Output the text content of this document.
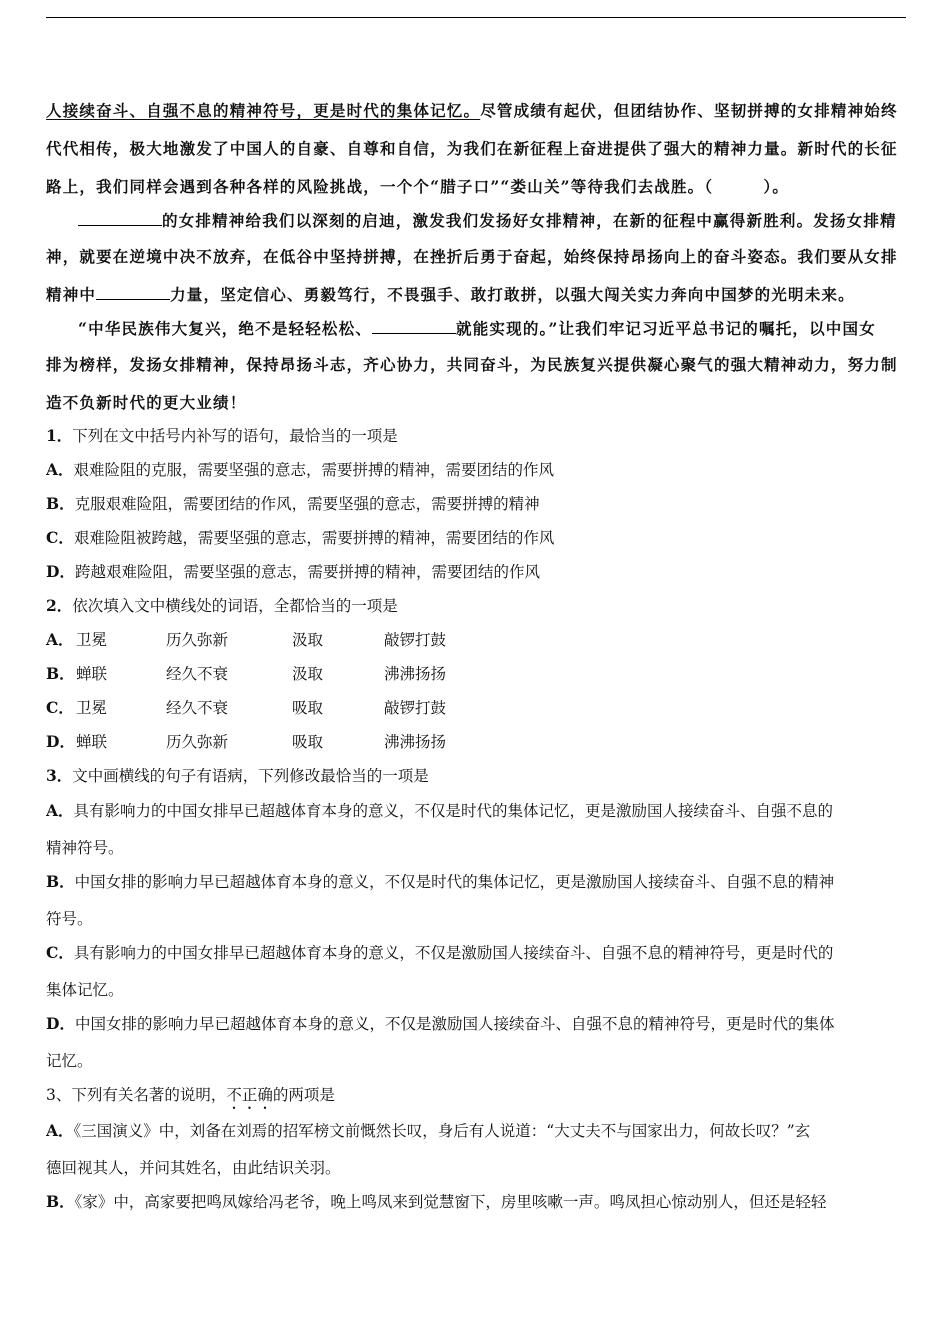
人接续奋斗、自强不息的精神符号，更是时代的集体记忆。尽管成绩有起伏，但团结协作、坚韧拼搏的女排精神始终
代代相传，极大地激发了中国人的自豪、自尊和自信，为我们在新征程上奋进提供了强大的精神力量。新时代的长征
路上，我们同样会遇到各种各样的风险挑战，一个个“腊子口”“娄山关”等待我们去战胜。（　　　）。
的女排精神给我们以深刻的启迪，激发我们发扬好女排精神，在新的征程中赢得新胜利。发扬女排精
神，就要在逆境中决不放弃，在低谷中坚持拼搏，在挫折后勇于奋起，始终保持昂扬向上的奋斗姿态。我们要从女排
精神中	力量，坚定信心、勇毅笃行，不畏强手、敢打敢拼，以强大闯关实力奔向中国梦的光明未来。
“中华民族伟大复兴，绝不是轻轻松松、	就能实现的。”让我们牢记习近平总书记的嘱托，以中国女
排为榜样，发扬女排精神，保持昂扬斗志，齐心协力，共同奋斗，为民族复兴提供凝心聚气的强大精神动力，努力制
造不负新时代的更大业绩！
1．下列在文中括号内补写的语句，最恰当的一项是
A．艰难险阻的克服，需要坚强的意志，需要拼搏的精神，需要团结的作风
B．克服艰难险阻，需要团结的作风，需要坚强的意志，需要拼搏的精神
C．艰难险阻被跨越，需要坚强的意志，需要拼搏的精神，需要团结的作风
D．跨越艰难险阻，需要坚强的意志，需要拼搏的精神，需要团结的作风
2．依次填入文中横线处的词语，全都恰当的一项是
A． 卫冕	历久弥新	汲取	敲锣打鼓
B． 蝉联	经久不衰	汲取	沸沸扬扬
C． 卫冕	经久不衰	吸取	敲锣打鼓
D． 蝉联	历久弥新	吸取	沸沸扬扬
3．文中画横线的句子有语病，下列修改最恰当的一项是
A．具有影响力的中国女排早已超越体育本身的意义，不仅是时代的集体记忆，更是激励国人接续奋斗、自强不息的
精神符号。
B．中国女排的影响力早已超越体育本身的意义，不仅是时代的集体记忆，更是激励国人接续奋斗、自强不息的精神
符号。
C．具有影响力的中国女排早已超越体育本身的意义，不仅是激励国人接续奋斗、自强不息的精神符号，更是时代的
集体记忆。
D．中国女排的影响力早已超越体育本身的意义，不仅是激励国人接续奋斗、自强不息的精神符号，更是时代的集体
记忆。
3、下列有关名著的说明，不正确的两项是
A．《三国演义》中，刘备在刘焉的招军榜文前慨然长叹，身后有人说道：“大丈夫不与国家出力，何故长叹？”玄
德回视其人，并问其姓名，由此结识关羽。
B．《家》中，高家要把鸣凤嫁给冯老爷，晚上鸣凤来到觉慧窗下，房里咳嗽一声。鸣凤担心惊动别人，但还是轻轻
